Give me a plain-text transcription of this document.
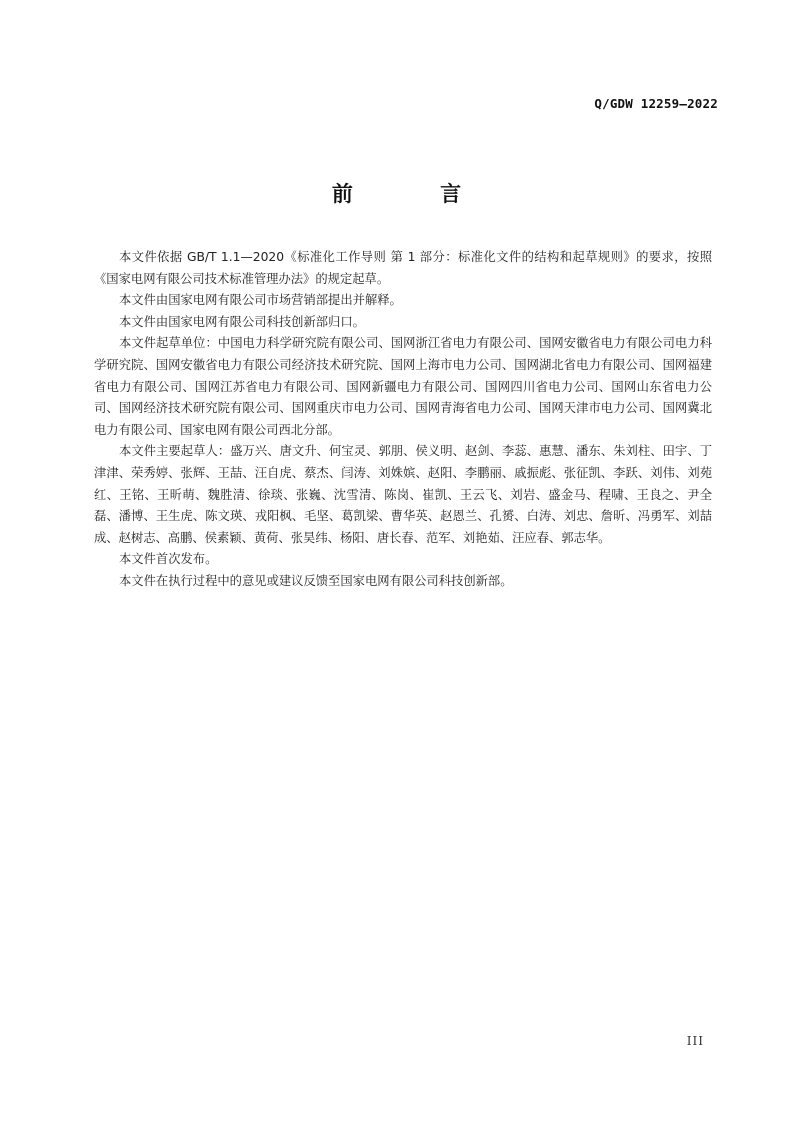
Q/GDW 12259—2022
前 言

本文件依据 GB/T 1.1—2020《标准化工作导则 第 1 部分：标准化文件的结构和起草规则》的要求，按照《国家电网有限公司技术标准管理办法》的规定起草。

本文件由国家电网有限公司市场营销部提出并解释。

本文件由国家电网有限公司科技创新部归口。

本文件起草单位：中国电力科学研究院有限公司、国网浙江省电力有限公司、国网安徽省电力有限公司电力科学研究院、国网安徽省电力有限公司经济技术研究院、国网上海市电力公司、国网湖北省电力有限公司、国网福建省电力有限公司、国网江苏省电力有限公司、国网新疆电力有限公司、国网四川省电力公司、国网山东省电力公司、国网经济技术研究院有限公司、国网重庆市电力公司、国网青海省电力公司、国网天津市电力公司、国网冀北电力有限公司、国家电网有限公司西北分部。

本文件主要起草人：盛万兴、唐文升、何宝灵、郭朋、侯义明、赵剑、李蕊、惠慧、潘东、朱刘柱、田宇、丁津津、荣秀婷、张辉、王喆、汪自虎、蔡杰、闫涛、刘姝嫔、赵阳、李鹏丽、戚振彪、张征凯、李跃、刘伟、刘苑红、王铭、王昕萌、魏胜清、徐琰、张巍、沈雪清、陈岗、崔凯、王云飞、刘岩、盛金马、程啸、王良之、尹全磊、潘博、王生虎、陈文瑛、戎阳枫、毛坚、葛凯梁、曹华英、赵恩兰、孔赟、白涛、刘忠、詹昕、冯勇军、刘喆成、赵树志、高鹏、侯素颖、黄荷、张昊纬、杨阳、唐长春、范军、刘艳茹、汪应春、郭志华。

本文件首次发布。

本文件在执行过程中的意见或建议反馈至国家电网有限公司科技创新部。

III
